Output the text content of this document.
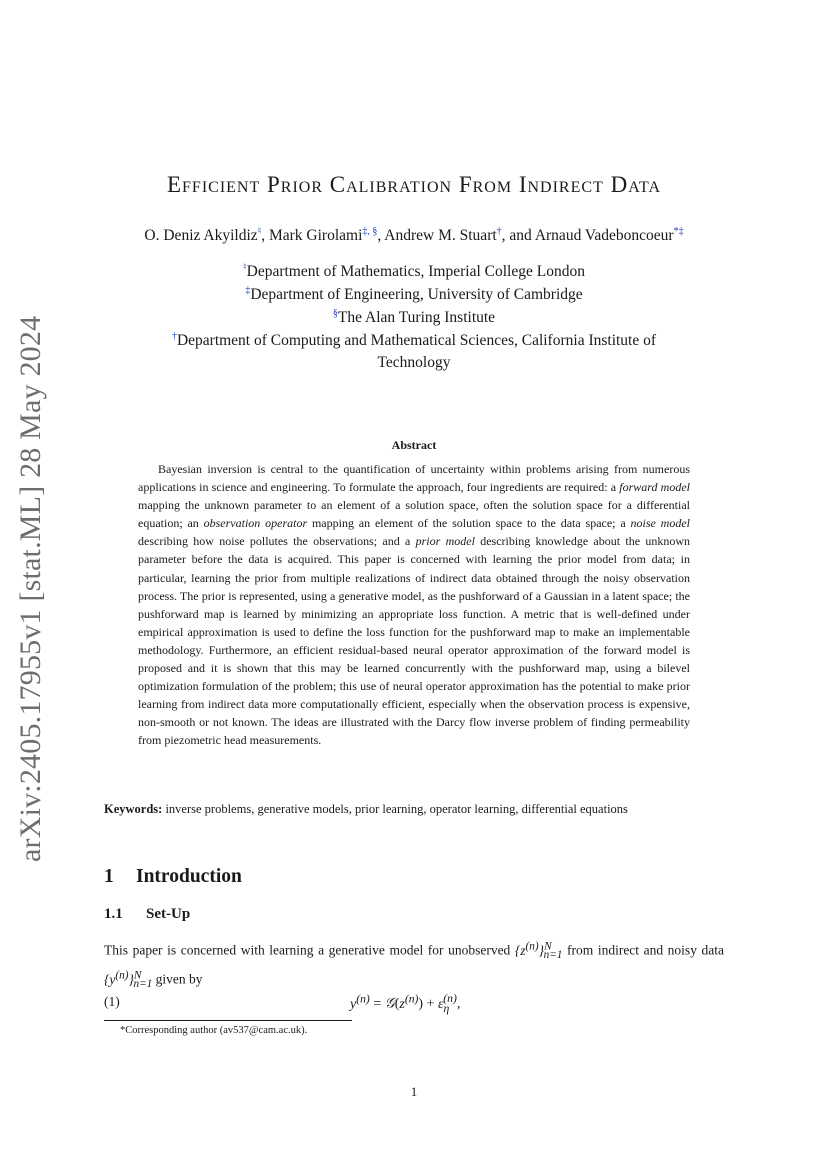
arXiv:2405.17955v1 [stat.ML] 28 May 2024
Efficient Prior Calibration From Indirect Data
O. Deniz Akyildiz♮, Mark Girolami‡, §, Andrew M. Stuart†, and Arnaud Vadeboncoeur*‡
♮Department of Mathematics, Imperial College London
‡Department of Engineering, University of Cambridge
§The Alan Turing Institute
†Department of Computing and Mathematical Sciences, California Institute of
Technology
Abstract

Bayesian inversion is central to the quantification of uncertainty within problems arising from numerous applications in science and engineering. To formulate the approach, four ingredients are required: a forward model mapping the unknown parameter to an element of a solution space, often the solution space for a differential equation; an observation operator mapping an element of the solution space to the data space; a noise model describing how noise pollutes the observations; and a prior model describing knowledge about the unknown parameter before the data is acquired. This paper is concerned with learning the prior model from data; in particular, learning the prior from multiple realizations of indirect data obtained through the noisy observation process. The prior is represented, using a generative model, as the pushforward of a Gaussian in a latent space; the pushforward map is learned by minimizing an appropriate loss function. A metric that is well-defined under empirical approximation is used to define the loss function for the pushforward map to make an implementable methodology. Furthermore, an efficient residual-based neural operator approximation of the forward model is proposed and it is shown that this may be learned concurrently with the pushforward map, using a bilevel optimization formulation of the problem; this use of neural operator approximation has the potential to make prior learning from indirect data more computationally efficient, especially when the observation process is expensive, non-smooth or not known. The ideas are illustrated with the Darcy flow inverse problem of finding permeability from piezometric head measurements.

Keywords: inverse problems, generative models, prior learning, operator learning, differential equations

1 Introduction
1.1 Set-Up

This paper is concerned with learning a generative model for unobserved $\{z^{(n)}\}^N_{n=1}$ from indirect and noisy data $\{y^{(n)}\}^N_{n=1}$ given by

(1)	$y^{(n)}$ = $𝒢(z^{(n)}) + \varepsilon_\eta^{(n)}$,
*Corresponding author (av537@cam.ac.uk).
1
